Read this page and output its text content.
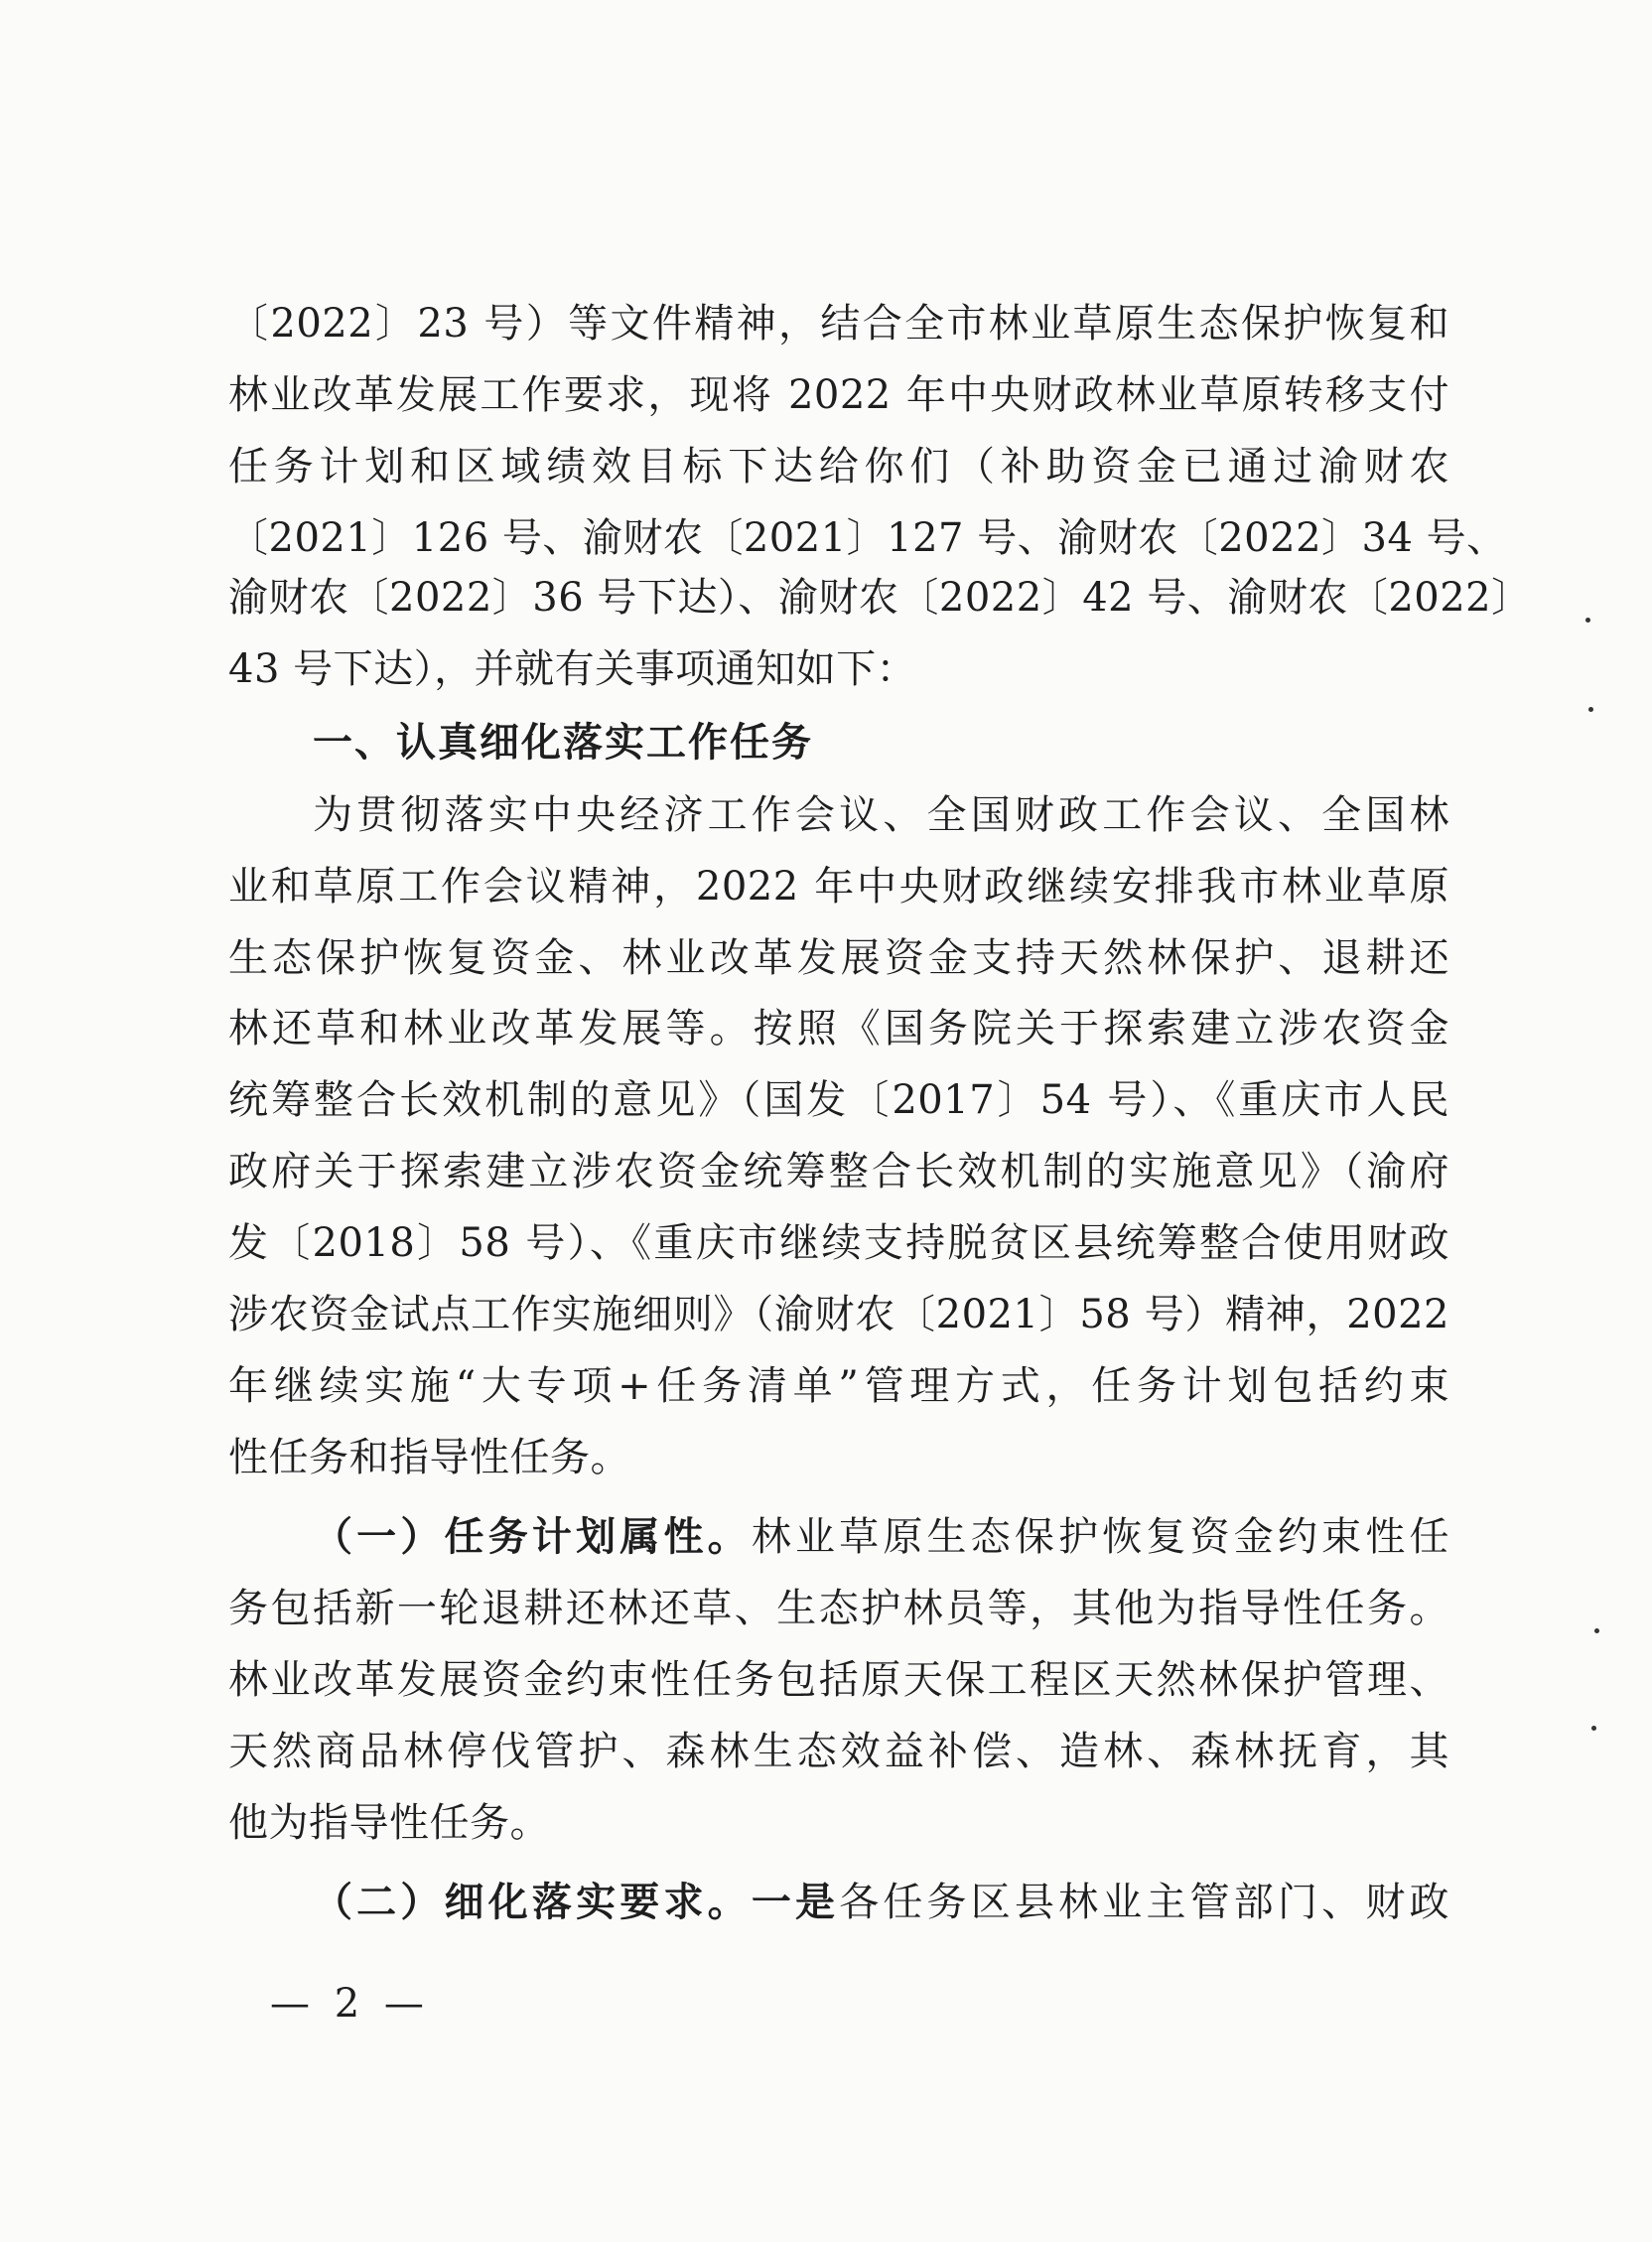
〔2022〕23 号）等文件精神，结合全市林业草原生态保护恢复和
林业改革发展工作要求，现将 2022 年中央财政林业草原转移支付
任务计划和区域绩效目标下达给你们（补助资金已通过渝财农
〔2021〕126 号、渝财农〔2021〕127 号、渝财农〔2022〕34 号、
渝财农〔2022〕36 号下达）、渝财农〔2022〕42 号、渝财农〔2022〕
43 号下达），并就有关事项通知如下：
一、认真细化落实工作任务
为贯彻落实中央经济工作会议、全国财政工作会议、全国林
业和草原工作会议精神，2022 年中央财政继续安排我市林业草原
生态保护恢复资金、林业改革发展资金支持天然林保护、退耕还
林还草和林业改革发展等。按照《国务院关于探索建立涉农资金
统筹整合长效机制的意见》（国发〔2017〕54 号）、《重庆市人民
政府关于探索建立涉农资金统筹整合长效机制的实施意见》（渝府
发〔2018〕58 号）、《重庆市继续支持脱贫区县统筹整合使用财政
涉农资金试点工作实施细则》（渝财农〔2021〕58 号）精神，2022
年继续实施“大专项+任务清单”管理方式，任务计划包括约束
性任务和指导性任务。
（一）任务计划属性。林业草原生态保护恢复资金约束性任
务包括新一轮退耕还林还草、生态护林员等，其他为指导性任务。
林业改革发展资金约束性任务包括原天保工程区天然林保护管理、
天然商品林停伐管护、森林生态效益补偿、造林、森林抚育，其
他为指导性任务。
（二）细化落实要求。一是各任务区县林业主管部门、财政
— 2 —
